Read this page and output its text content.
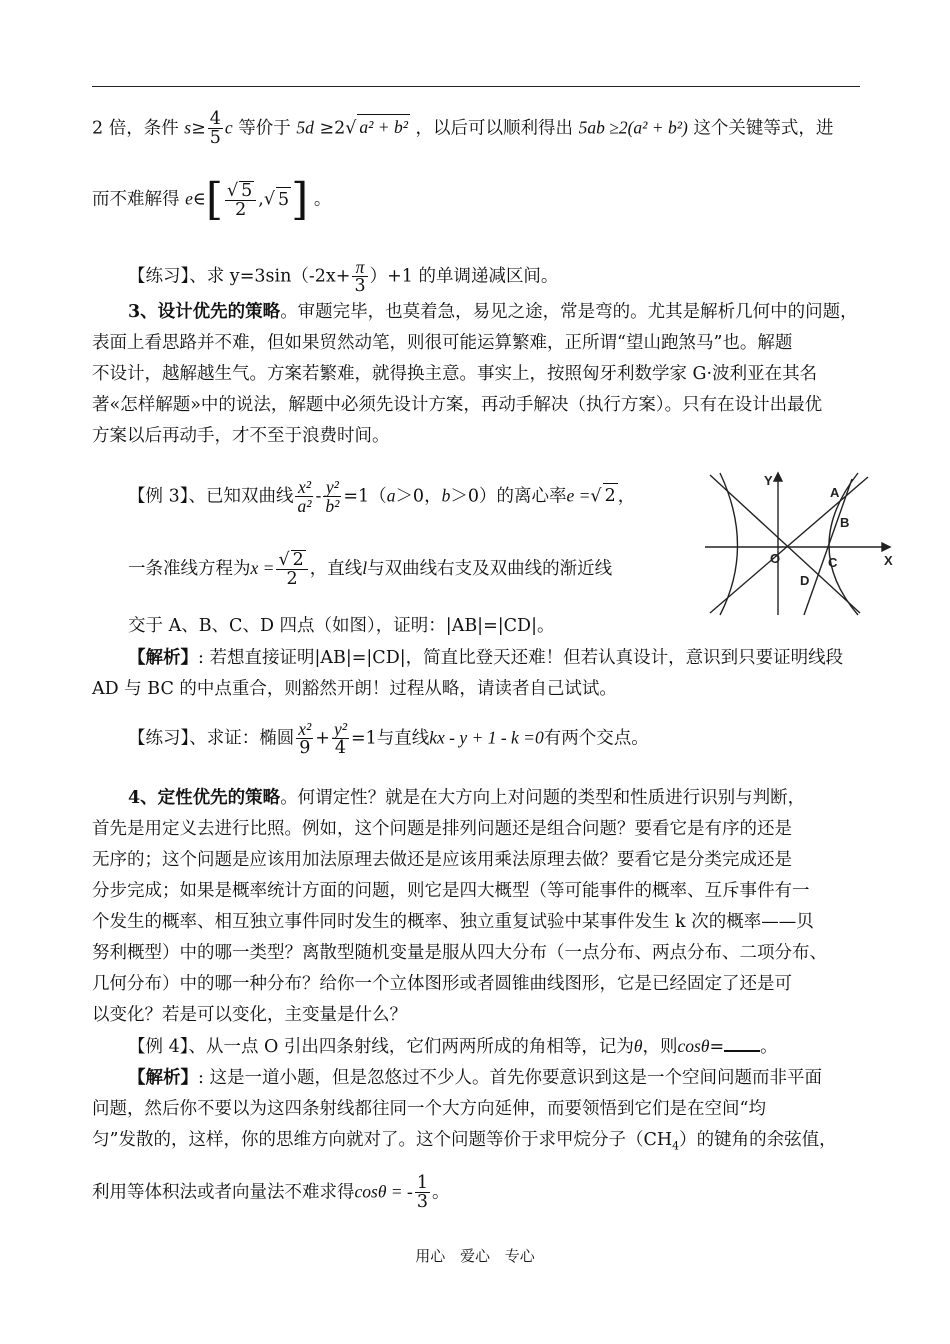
2 倍，条件 $s\ge \frac{4}{5}$ c 等价于 5d ≥2√ a² + b² ，以后可以顺利得出 5ab ≥2(a² + b²) 这个关键等式，进
而不难解得 e∈[ $\frac{√ 5}{2}$ ,√ 5] 。
【练习】、求 $y=3\sin(-2x+ \frac{\pi}{3} )+1$ 的单调递减区间。
3、设计优先的策略。审题完毕，也莫着急，易见之途，常是弯的。尤其是解析几何中的问题，
表面上看思路并不难，但如果贸然动笔，则很可能运算繁难，正所谓“望山跑煞马”也。解题
不设计，越解越生气。方案若繁难，就得换主意。事实上，按照匈牙利数学家 G·波利亚在其名
著«怎样解题»中的说法，解题中必须先设计方案，再动手解决（执行方案）。只有在设计出最优
方案以后再动手，才不至于浪费时间。
【例 3】、已知双曲线 $\frac{\text{x²}}{\text{a²}} - \frac{\text{y²}}{\text{b²}} =1(a>0$，b＞0）的离心率e =√ 2 ，
一条准线方程为$x = \frac{√ 2}{2}$ ，直线l与双曲线右支及双曲线的渐近线
交于 A、B、C、D 四点（如图），证明：|AB|=|CD|。
Y
X
O
A
B
C
D
【解析】: 若想直接证明|AB|=|CD|，简直比登天还难！但若认真设计，意识到只要证明线段
AD 与 BC 的中点重合，则豁然开朗！过程从略，请读者自己试试。
【练习】、求证：椭圆 $\frac{\text{x²}}{9} + \frac{\text{y²}}{4} =1$与直线kx - y + 1 - k =0有两个交点。
4、定性优先的策略。何谓定性？就是在大方向上对问题的类型和性质进行识别与判断，
首先是用定义去进行比照。例如，这个问题是排列问题还是组合问题？要看它是有序的还是
无序的；这个问题是应该用加法原理去做还是应该用乘法原理去做？要看它是分类完成还是
分步完成；如果是概率统计方面的问题，则它是四大概型（等可能事件的概率、互斥事件有一
个发生的概率、相互独立事件同时发生的概率、独立重复试验中某事件发生 k 次的概率——贝
努利概型）中的哪一类型？离散型随机变量是服从四大分布（一点分布、两点分布、二项分布、
几何分布）中的哪一种分布？给你一个立体图形或者圆锥曲线图形，它是已经固定了还是可
以变化？若是可以变化，主变量是什么？
【例 4】、从一点 O 引出四条射线，它们两两所成的角相等，记为θ，则cosθ= 。
【解析】: 这是一道小题，但是忽悠过不少人。首先你要意识到这是一个空间问题而非平面
问题，然后你不要以为这四条射线都往同一个大方向延伸，而要领悟到它们是在空间“均
匀”发散的，这样，你的思维方向就对了。这个问题等价于求甲烷分子$(CH_4)$的键角的余弦值，
利用等体积法或者向量法不难求得cosθ = - $\frac{1}{3}$ 。
用心 爱心 专心
